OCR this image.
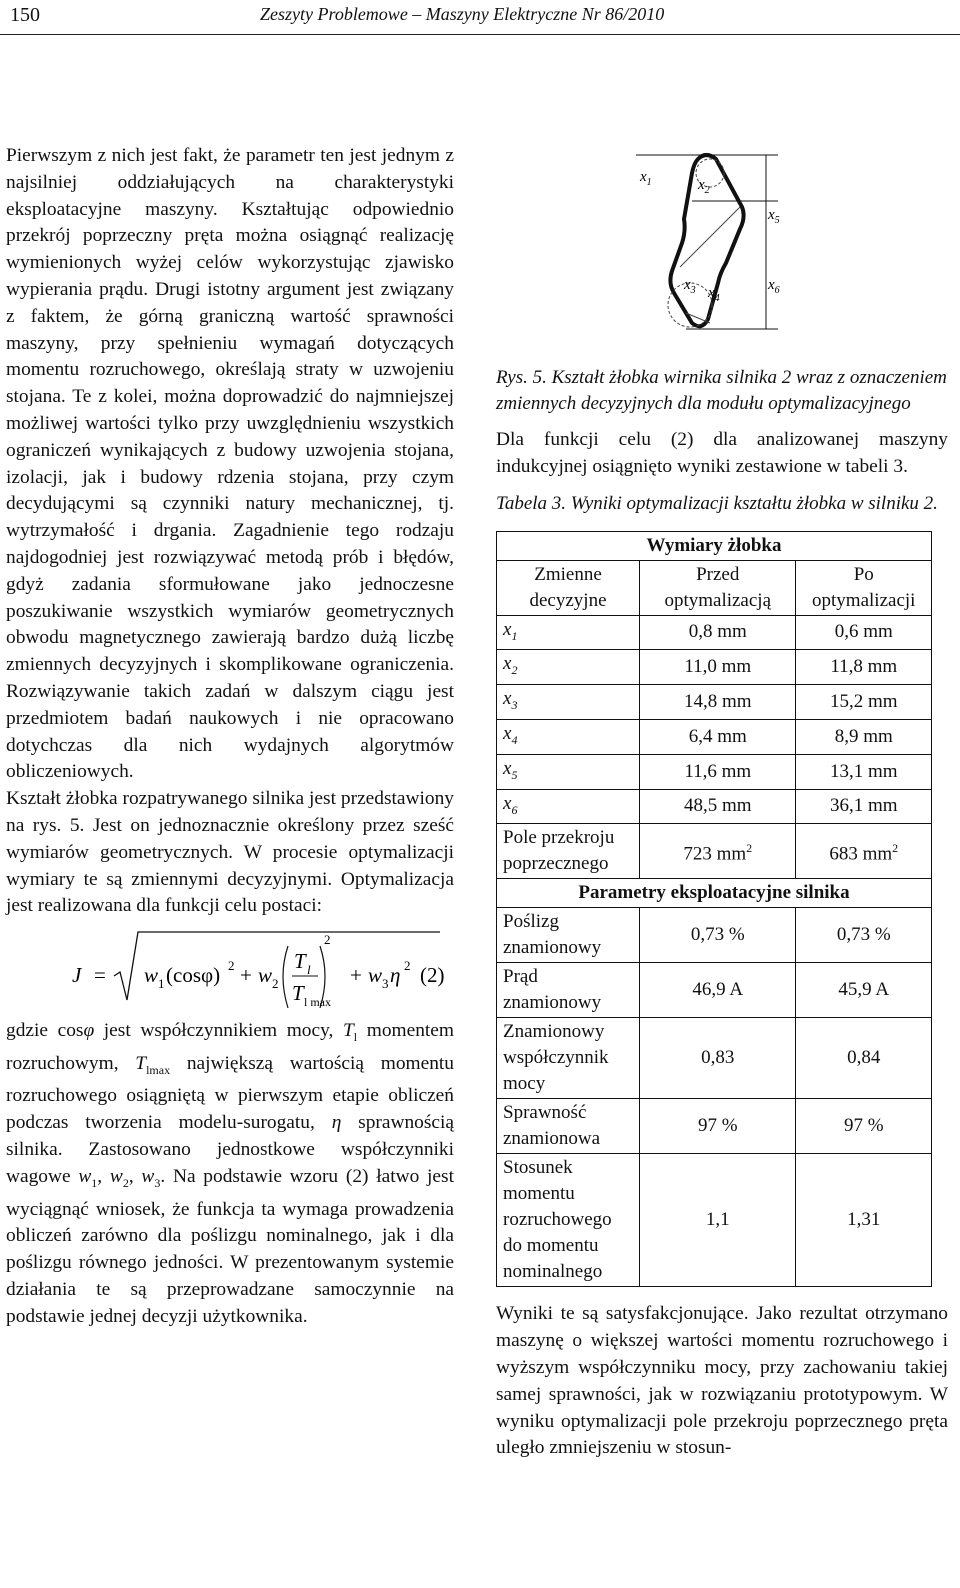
150	Zeszyty Problemowe – Maszyny Elektryczne Nr 86/2010

Pierwszym z nich jest fakt, że parametr ten jest jednym z najsilniej oddziałujących na charakterystyki eksploatacyjne maszyny. Kształtując odpowiednio przekrój poprzeczny pręta można osiągnąć realizację wymienionych wyżej celów wykorzystując zjawisko wypierania prądu. Drugi istotny argument jest związany z faktem, że górną graniczną wartość sprawności maszyny, przy spełnieniu wymagań dotyczących momentu rozruchowego, określają straty w uzwojeniu stojana. Te z kolei, można doprowadzić do najmniejszej możliwej wartości tylko przy uwzględnieniu wszystkich ograniczeń wynikających z budowy uzwojenia stojana, izolacji, jak i budowy rdzenia stojana, przy czym decydującymi są czynniki natury mechanicznej, tj. wytrzymałość i drgania. Zagadnienie tego rodzaju najdogodniej jest rozwiązywać metodą prób i błędów, gdyż zadania sformułowane jako jednoczesne poszukiwanie wszystkich wymiarów geometrycznych obwodu magnetycznego zawierają bardzo dużą liczbę zmiennych decyzyjnych i skomplikowane ograniczenia. Rozwiązywanie takich zadań w dalszym ciągu jest przedmiotem badań naukowych i nie opracowano dotychczas dla nich wydajnych algorytmów obliczeniowych.

Kształt żłobka rozpatrywanego silnika jest przedstawiony na rys. 5. Jest on jednoznacznie określony przez sześć wymiarów geometrycznych. W procesie optymalizacji wymiary te są zmiennymi decyzyjnymi. Optymalizacja jest realizowana dla funkcji celu postaci:

J = w 1 (cosφ) 2 + w 2
T l
T l max
2
+ w 3 η 2 (2)

gdzie cosφ jest współczynnikiem mocy, $T_l$ momentem rozruchowym, $T_{lmax}$ największą wartością momentu rozruchowego osiągniętą w pierwszym etapie obliczeń podczas tworzenia modelu-surogatu, η sprawnością silnika. Zastosowano jednostkowe współczynniki wagowe $w_1$, $w_2$, $w_3$. Na podstawie wzoru (2) łatwo jest wyciągnąć wniosek, że funkcja ta wymaga prowadzenia obliczeń zarówno dla poślizgu nominalnego, jak i dla poślizgu równego jedności. W prezentowanym systemie działania te są przeprowadzane samoczynnie na podstawie jednej decyzji użytkownika.

$x_1$	$x_2$
$x_5$
$x_3$ $x_4$
$x_6$

Rys. 5. Kształt żłobka wirnika silnika 2 wraz z oznaczeniem zmiennych decyzyjnych dla modułu optymalizacyjnego

Dla funkcji celu (2) dla analizowanej maszyny indukcyjnej osiągnięto wyniki zestawione w tabeli 3.

Tabela 3. Wyniki optymalizacji kształtu żłobka w silniku 2.

Wymiary żłobka		
Zmienne decyzyjne	Przed optymalizacją	Po optymalizacji
$x_1$	0,8 mm	0,6 mm
$x_2$	11,0 mm	11,8 mm
$x_3$	14,8 mm	15,2 mm
$x_4$	6,4 mm	8,9 mm
$x_5$	11,6 mm	13,1 mm
$x_6$	48,5 mm	36,1 mm
Pole przekroju poprzecznego	723 $mm^2$	683 $mm^2$
Parametry eksploatacyjne silnika		
Poślizg znamionowy	0,73 %	0,73 %
Prąd znamionowy	46,9 A	45,9 A
Znamionowy współczynnik mocy	0,83	0,84
Sprawność znamionowa	97 %	97 %
Stosunek momentu rozruchowego do momentu nominalnego	1,1	1,31

Wyniki te są satysfakcjonujące. Jako rezultat otrzymano maszynę o większej wartości momentu rozruchowego i wyższym współczynniku mocy, przy zachowaniu takiej samej sprawności, jak w rozwiązaniu prototypowym. W wyniku optymalizacji pole przekroju poprzecznego pręta uległo zmniejszeniu w stosun-
